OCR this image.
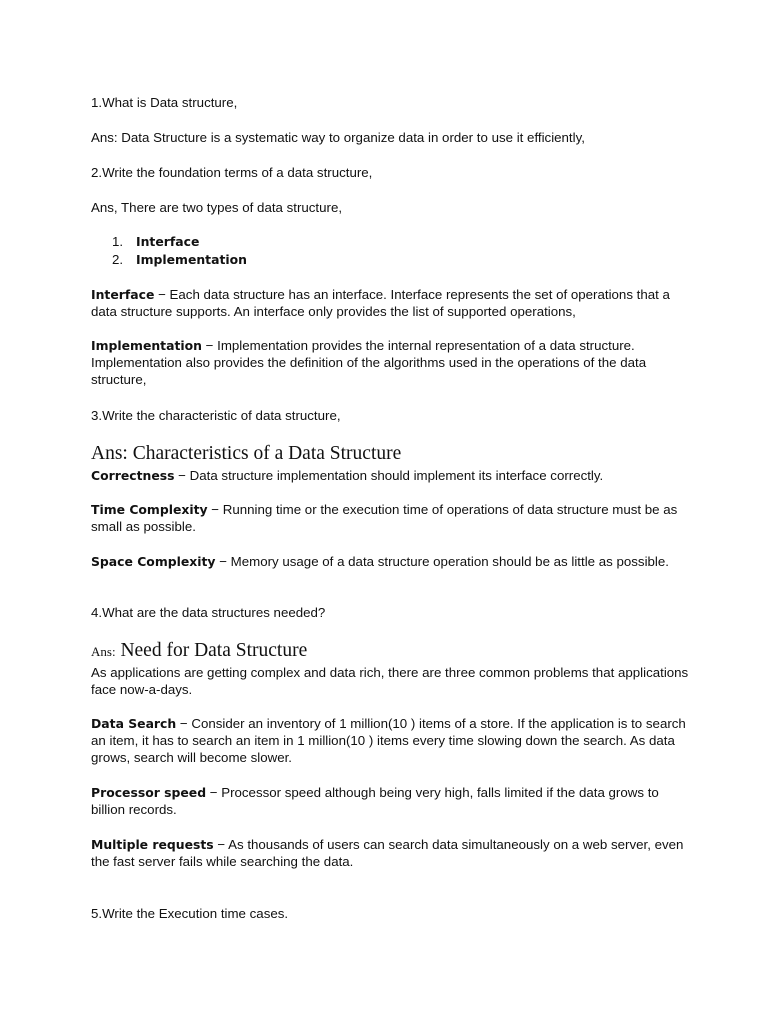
1.What is Data structure,

Ans: Data Structure is a systematic way to organize data in order to use it efficiently,

2.Write the foundation terms of a data structure,

Ans, There are two types of data structure,

1. Interface
2. Implementation

Interface − Each data structure has an interface. Interface represents the set of operations that a data structure supports. An interface only provides the list of supported operations,

Implementation − Implementation provides the internal representation of a data structure. Implementation also provides the definition of the algorithms used in the operations of the data structure,

3.Write the characteristic of data structure,

Ans: Characteristics of a Data Structure

Correctness − Data structure implementation should implement its interface correctly.

Time Complexity − Running time or the execution time of operations of data structure must be as small as possible.

Space Complexity − Memory usage of a data structure operation should be as little as possible.

4.What are the data structures needed?

Ans: Need for Data Structure

As applications are getting complex and data rich, there are three common problems that applications face now-a-days.

Data Search − Consider an inventory of 1 million(10 ) items of a store. If the application is to search an item, it has to search an item in 1 million(10 ) items every time slowing down the search. As data grows, search will become slower.

Processor speed − Processor speed although being very high, falls limited if the data grows to billion records.

Multiple requests − As thousands of users can search data simultaneously on a web server, even the fast server fails while searching the data.

5.Write the Execution time cases.
